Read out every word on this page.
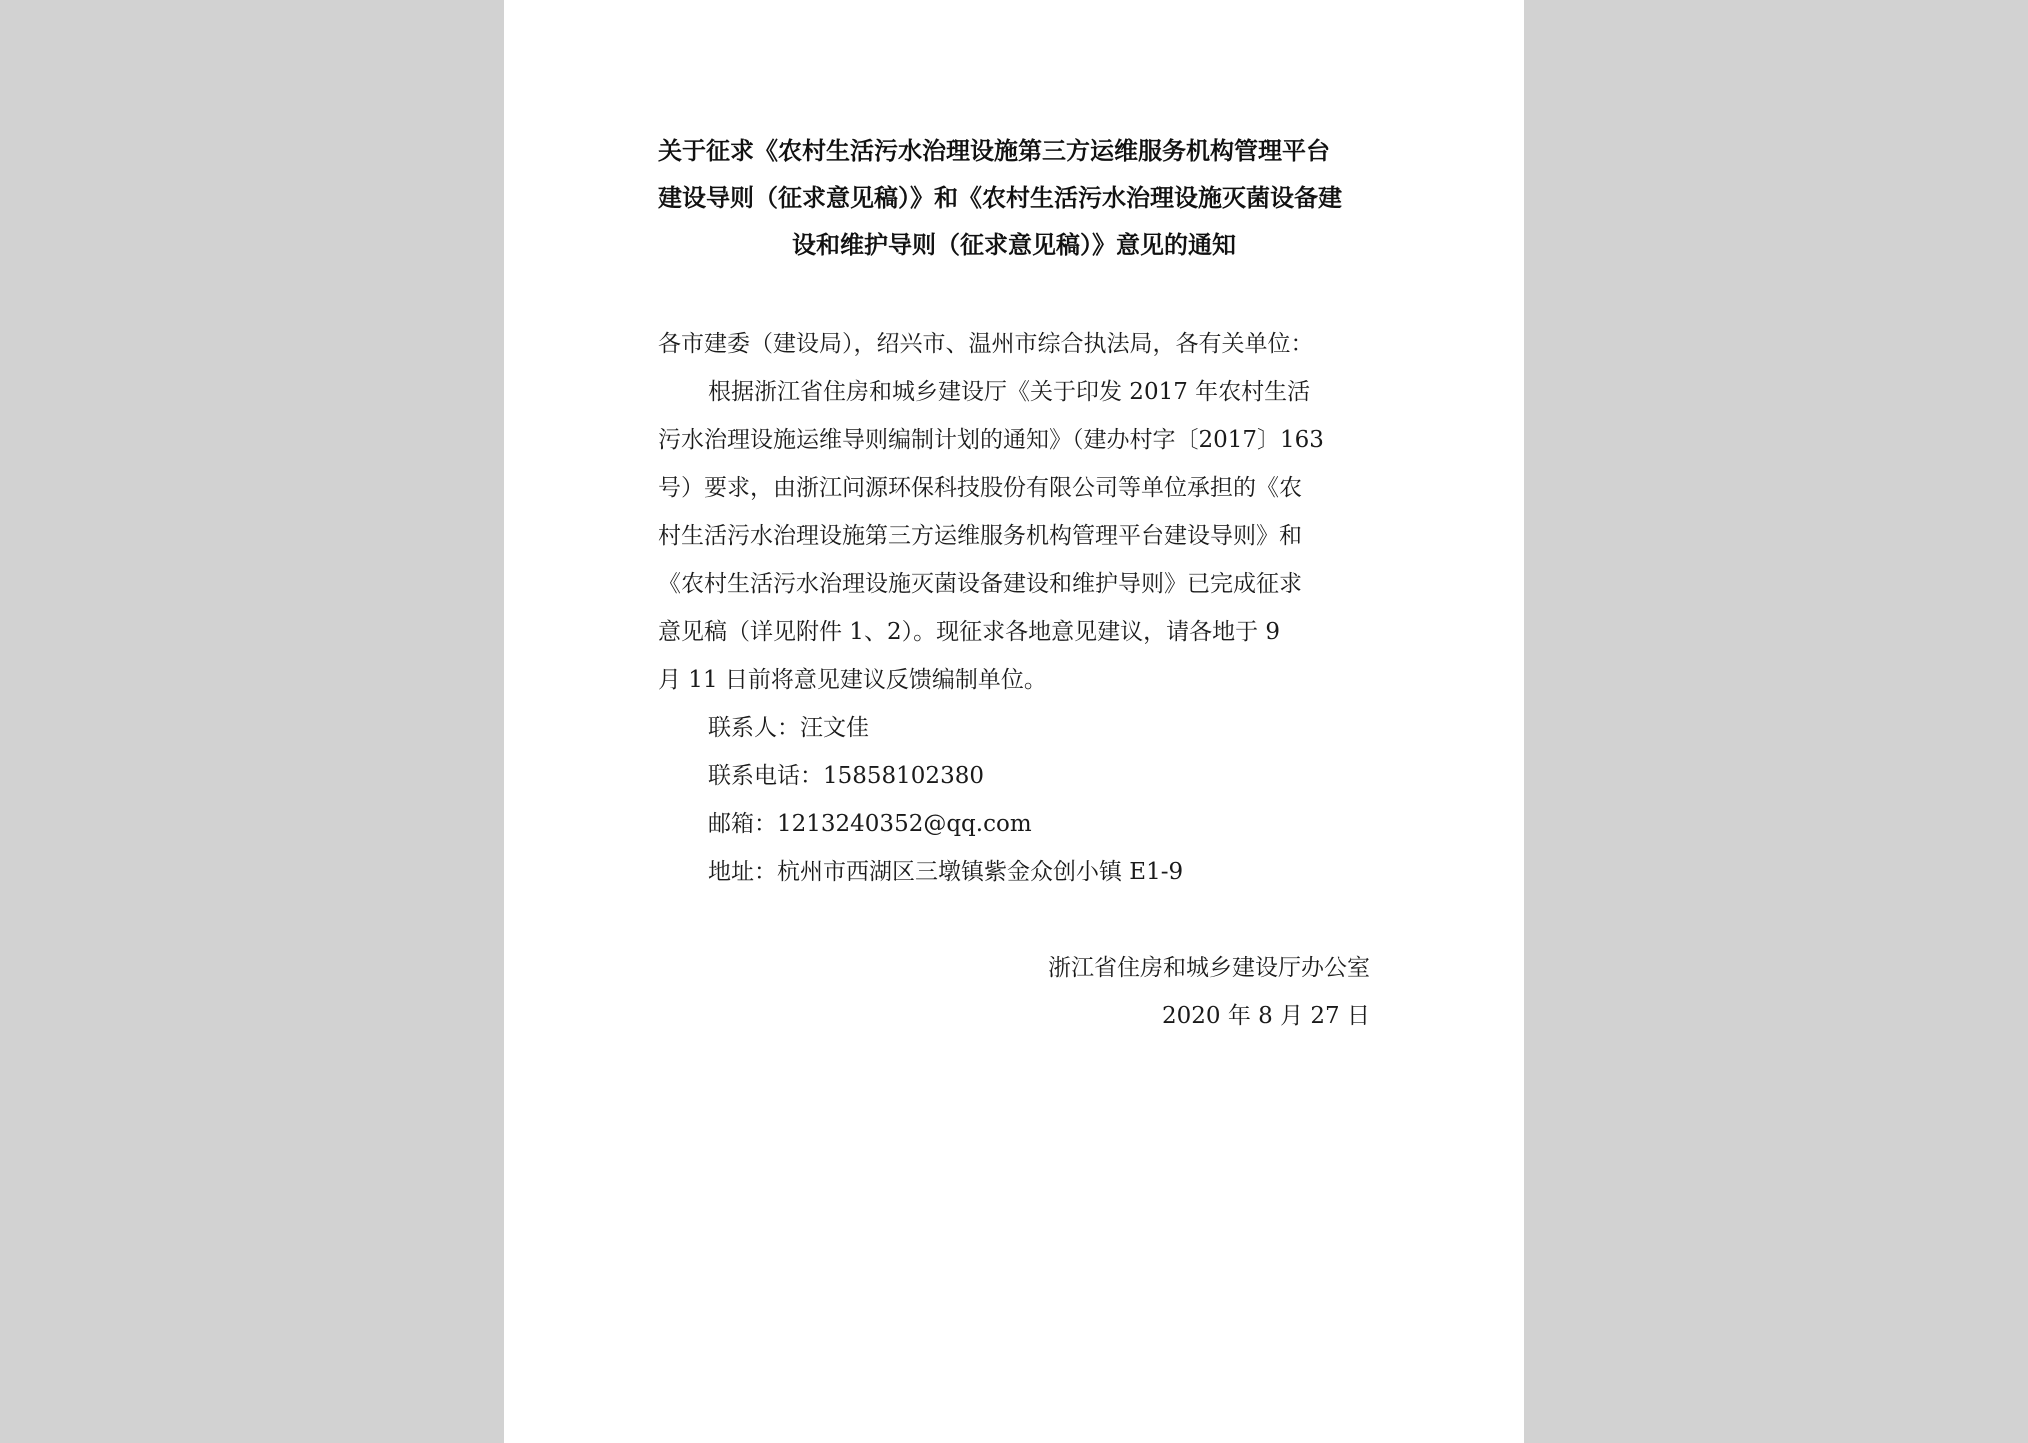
关于征求《农村生活污水治理设施第三方运维服务机构管理平台
建设导则（征求意见稿）》和《农村生活污水治理设施灭菌设备建
设和维护导则（征求意见稿）》意见的通知
各市建委（建设局），绍兴市、温州市综合执法局，各有关单位：
根据浙江省住房和城乡建设厅《关于印发 2017 年农村生活
污水治理设施运维导则编制计划的通知》（建办村字〔2017〕163
号）要求，由浙江问源环保科技股份有限公司等单位承担的《农
村生活污水治理设施第三方运维服务机构管理平台建设导则》和
《农村生活污水治理设施灭菌设备建设和维护导则》已完成征求
意见稿（详见附件 1、2）。现征求各地意见建议，请各地于 9
月 11 日前将意见建议反馈编制单位。
联系人：汪文佳
联系电话：15858102380
邮箱：1213240352@qq.com
地址：杭州市西湖区三墩镇紫金众创小镇 E1-9
浙江省住房和城乡建设厅办公室
2020 年 8 月 27 日
